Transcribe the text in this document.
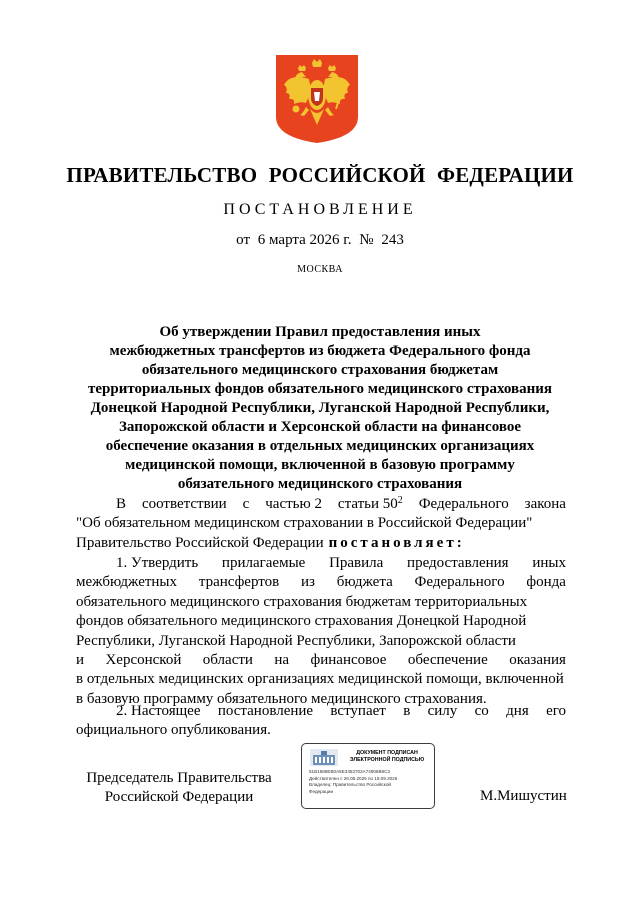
ПРАВИТЕЛЬСТВО РОССИЙСКОЙ ФЕДЕРАЦИИ
ПОСТАНОВЛЕНИЕ
от 6 марта 2026 г. № 243
МОСКВА
Об утверждении Правил предоставления иных
межбюджетных трансфертов из бюджета Федерального фонда
обязательного медицинского страхования бюджетам
территориальных фондов обязательного медицинского страхования
Донецкой Народной Республики, Луганской Народной Республики,
Запорожской области и Херсонской области на финансовое
обеспечение оказания в отдельных медицинских организациях
медицинской помощи, включенной в базовую программу
обязательного медицинского страхования
В соответствии с частью 2 статьи $50^2$ Федерального закона
"Об обязательном медицинском страховании в Российской Федерации"
Правительство Российской Федерации постановляет:
1. Утвердить прилагаемые Правила предоставления иных
межбюджетных трансфертов из бюджета Федерального фонда
обязательного медицинского страхования бюджетам территориальных
фондов обязательного медицинского страхования Донецкой Народной
Республики, Луганской Народной Республики, Запорожской области
и Херсонской области на финансовое обеспечение оказания
в отдельных медицинских организациях медицинской помощи, включенной
в базовую программу обязательного медицинского страхования.
2. Настоящее постановление вступает в силу со дня его
официального опубликования.
Председатель Правительства
Российской Федерации	М.Мишустин
ДОКУМЕНТ ПОДПИСАН
ЭЛЕКТРОННОЙ ПОДПИСЬЮ
51B1588EB0A5E3453702A74906B8C3
Действителен с 26.06.2025 по 19.09.2026
Владелец: Правительство Российской
Федерации
